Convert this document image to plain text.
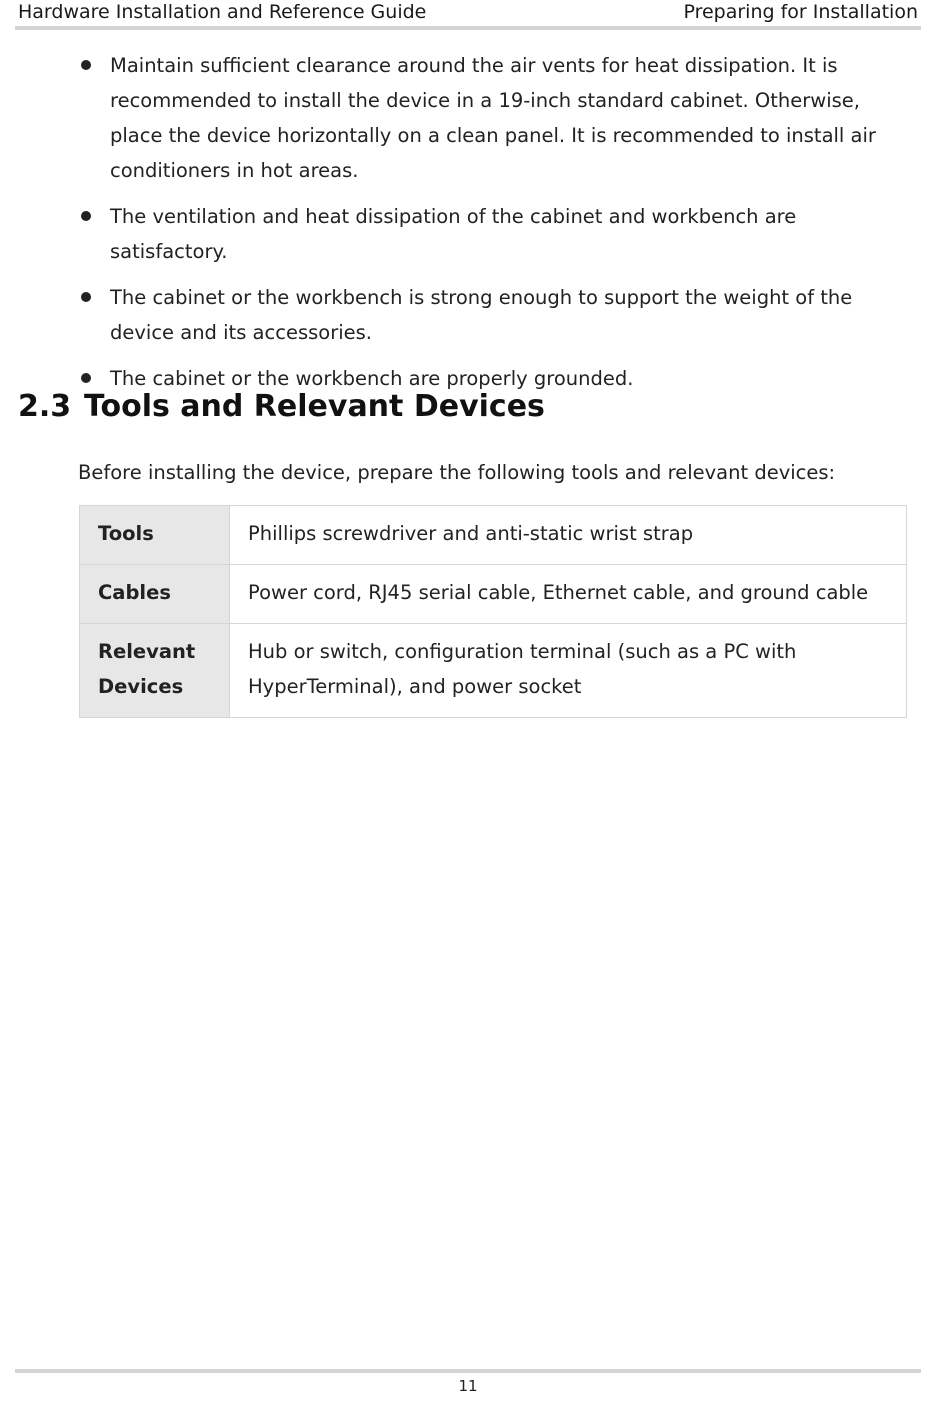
Hardware Installation and Reference Guide	Preparing for Installation
Maintain sufficient clearance around the air vents for heat dissipation. It is recommended to install the device in a 19-inch standard cabinet. Otherwise, place the device horizontally on a clean panel. It is recommended to install air conditioners in hot areas.
The ventilation and heat dissipation of the cabinet and workbench are satisfactory.
The cabinet or the workbench is strong enough to support the weight of the device and its accessories.
The cabinet or the workbench are properly grounded.
2.3 Tools and Relevant Devices

Before installing the device, prepare the following tools and relevant devices:

Tools	Phillips screwdriver and anti-static wrist strap
Cables	Power cord, RJ45 serial cable, Ethernet cable, and ground cable
Relevant Devices	Hub or switch, configuration terminal (such as a PC with HyperTerminal), and power socket
11
